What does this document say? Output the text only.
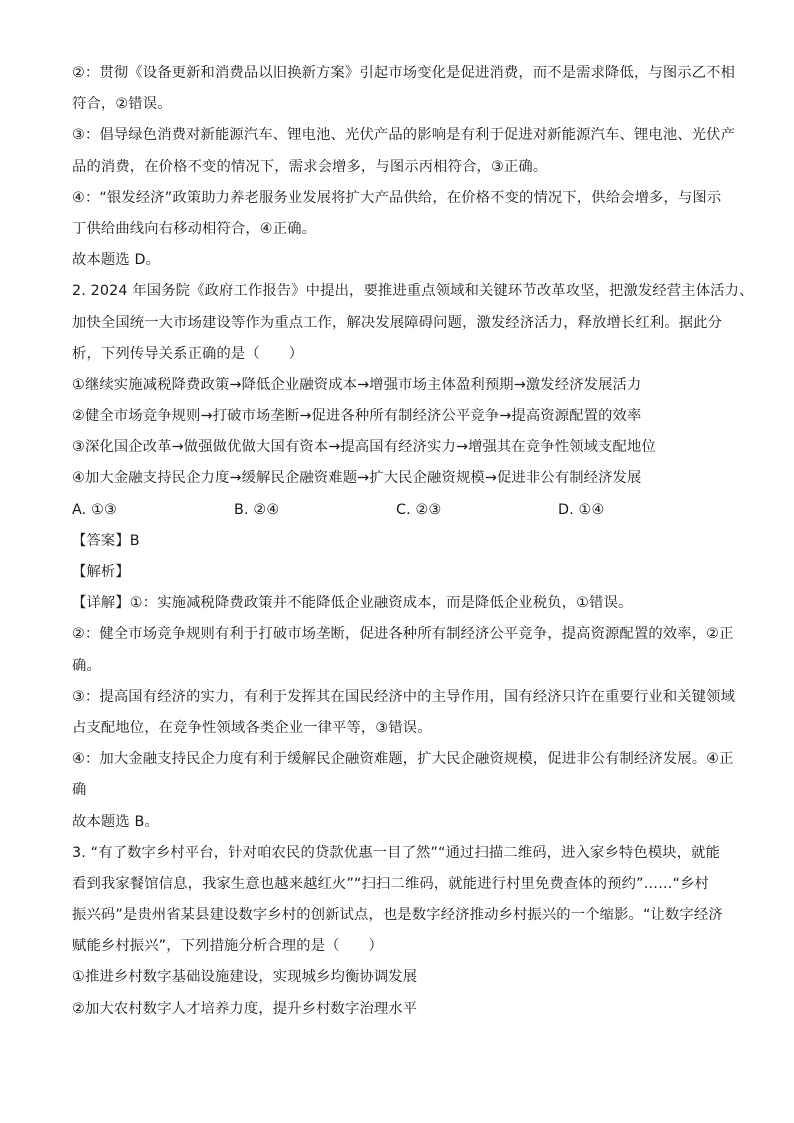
②：贯彻《设备更新和消费品以旧换新方案》引起市场变化是促进消费，而不是需求降低，与图示乙不相
符合，②错误。
③：倡导绿色消费对新能源汽车、锂电池、光伏产品的影响是有利于促进对新能源汽车、锂电池、光伏产
品的消费，在价格不变的情况下，需求会增多，与图示丙相符合，③正确。
④：“银发经济”政策助力养老服务业发展将扩大产品供给，在价格不变的情况下，供给会增多，与图示
丁供给曲线向右移动相符合，④正确。
故本题选 D。
2. 2024 年国务院《政府工作报告》中提出，要推进重点领域和关键环节改革攻坚，把激发经营主体活力、
加快全国统一大市场建设等作为重点工作，解决发展障碍问题，激发经济活力，释放增长红利。据此分
析，下列传导关系正确的是（　　）
①继续实施减税降费政策→降低企业融资成本→增强市场主体盈利预期→激发经济发展活力
②健全市场竞争规则→打破市场垄断→促进各种所有制经济公平竞争→提高资源配置的效率
③深化国企改革→做强做优做大国有资本→提高国有经济实力→增强其在竞争性领域支配地位
④加大金融支持民企力度→缓解民企融资难题→扩大民企融资规模→促进非公有制经济发展
A. ①③	B. ②④	C. ②③	D. ①④
【答案】B
【解析】
【详解】①：实施减税降费政策并不能降低企业融资成本，而是降低企业税负，①错误。
②：健全市场竞争规则有利于打破市场垄断，促进各种所有制经济公平竞争，提高资源配置的效率，②正
确。
③：提高国有经济的实力，有利于发挥其在国民经济中的主导作用，国有经济只许在重要行业和关键领域
占支配地位，在竞争性领域各类企业一律平等，③错误。
④：加大金融支持民企力度有利于缓解民企融资难题，扩大民企融资规模，促进非公有制经济发展。④正
确
故本题选 B。
3. “有了数字乡村平台，针对咱农民的贷款优惠一目了然”“通过扫描二维码，进入家乡特色模块，就能
看到我家餐馆信息，我家生意也越来越红火”“扫扫二维码，就能进行村里免费查体的预约”……“乡村
振兴码”是贵州省某县建设数字乡村的创新试点，也是数字经济推动乡村振兴的一个缩影。“让数字经济
赋能乡村振兴”，下列措施分析合理的是（　　）
①推进乡村数字基础设施建设，实现城乡均衡协调发展
②加大农村数字人才培养力度，提升乡村数字治理水平
